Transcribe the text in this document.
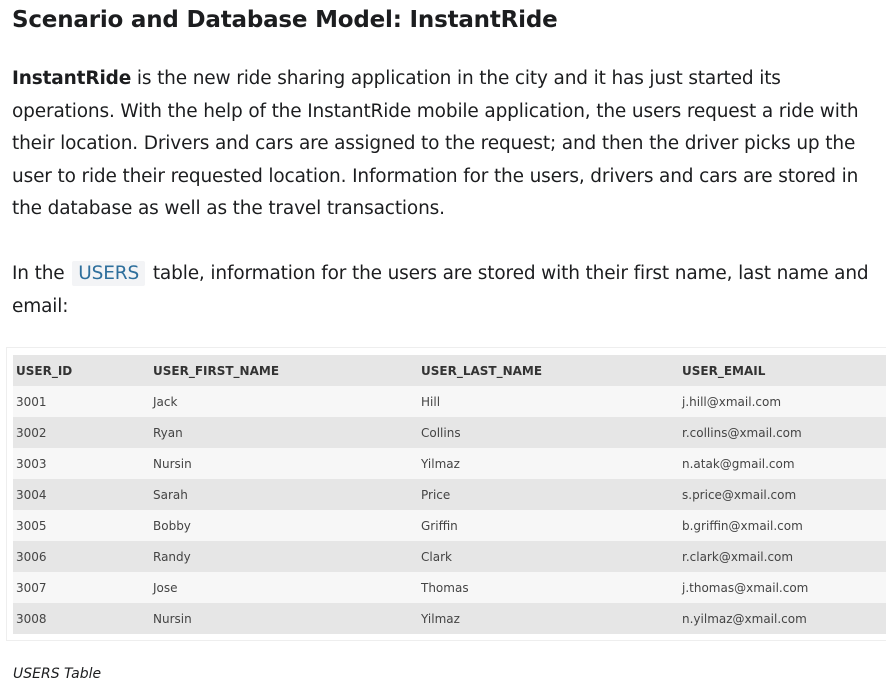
Scenario and Database Model: InstantRide

InstantRide is the new ride sharing application in the city and it has just started its operations. With the help of the InstantRide mobile application, the users request a ride with their location. Drivers and cars are assigned to the request; and then the driver picks up the user to ride their requested location. Information for the users, drivers and cars are stored in the database as well as the travel transactions.

In the USERS table, information for the users are stored with their first name, last name and email:

USER_ID	USER_FIRST_NAME	USER_LAST_NAME	USER_EMAIL
3001	Jack	Hill	j.hill@xmail.com
3002	Ryan	Collins	r.collins@xmail.com
3003	Nursin	Yilmaz	n.atak@gmail.com
3004	Sarah	Price	s.price@xmail.com
3005	Bobby	Griffin	b.griffin@xmail.com
3006	Randy	Clark	r.clark@xmail.com
3007	Jose	Thomas	j.thomas@xmail.com
3008	Nursin	Yilmaz	n.yilmaz@xmail.com

USERS Table
